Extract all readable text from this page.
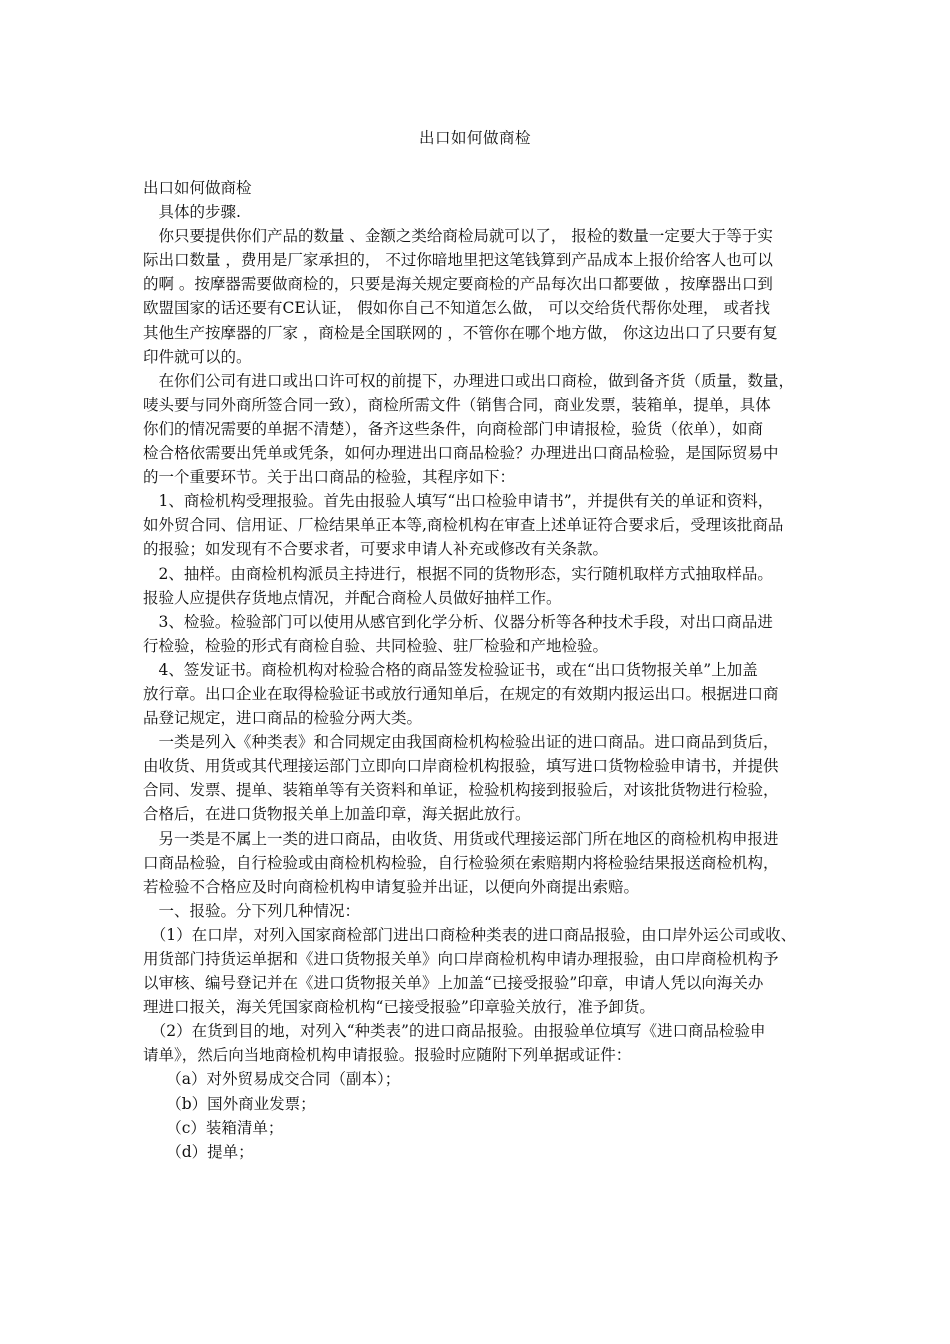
出口如何做商检
出口如何做商检
　具体的步骤.
　你只要提供你们产品的数量 、金额之类给商检局就可以了， 报检的数量一定要大于等于实
际出口数量 ，费用是厂家承担的， 不过你暗地里把这笔钱算到产品成本上报价给客人也可以
的啊 。按摩器需要做商检的，只要是海关规定要商检的产品每次出口都要做 ，按摩器出口到
欧盟国家的话还要有CE认证， 假如你自己不知道怎么做， 可以交给货代帮你处理， 或者找
其他生产按摩器的厂家 ，商检是全国联网的 ，不管你在哪个地方做， 你这边出口了只要有复
印件就可以的。
　在你们公司有进口或出口许可权的前提下，办理进口或出口商检，做到备齐货（质量，数量，
唛头要与同外商所签合同一致），商检所需文件（销售合同，商业发票，装箱单，提单，具体
你们的情况需要的单据不清楚），备齐这些条件，向商检部门申请报检，验货（依单），如商
检合格依需要出凭单或凭条，如何办理进出口商品检验？办理进出口商品检验，是国际贸易中
的一个重要环节。关于出口商品的检验，其程序如下：
　1、商检机构受理报验。首先由报验人填写“出口检验申请书”，并提供有关的单证和资料，
如外贸合同、信用证、厂检结果单正本等,商检机构在审查上述单证符合要求后，受理该批商品
的报验；如发现有不合要求者，可要求申请人补充或修改有关条款。
　2、抽样。由商检机构派员主持进行，根据不同的货物形态，实行随机取样方式抽取样品。
报验人应提供存货地点情况，并配合商检人员做好抽样工作。
　3、检验。检验部门可以使用从感官到化学分析、仪器分析等各种技术手段，对出口商品进
行检验，检验的形式有商检自验、共同检验、驻厂检验和产地检验。
　4、签发证书。商检机构对检验合格的商品签发检验证书，或在“出口货物报关单”上加盖
放行章。出口企业在取得检验证书或放行通知单后，在规定的有效期内报运出口。根据进口商
品登记规定，进口商品的检验分两大类。
　一类是列入《种类表》和合同规定由我国商检机构检验出证的进口商品。进口商品到货后，
由收货、用货或其代理接运部门立即向口岸商检机构报验，填写进口货物检验申请书，并提供
合同、发票、提单、装箱单等有关资料和单证，检验机构接到报验后，对该批货物进行检验，
合格后，在进口货物报关单上加盖印章，海关据此放行。
　另一类是不属上一类的进口商品，由收货、用货或代理接运部门所在地区的商检机构申报进
口商品检验，自行检验或由商检机构检验，自行检验须在索赔期内将检验结果报送商检机构，
若检验不合格应及时向商检机构申请复验并出证，以便向外商提出索赔。
　一、报验。分下列几种情况：
　（1）在口岸，对列入国家商检部门进出口商检种类表的进口商品报验，由口岸外运公司或收、
用货部门持货运单据和《进口货物报关单》向口岸商检机构申请办理报验，由口岸商检机构予
以审核、编号登记并在《进口货物报关单》上加盖“已接受报验”印章，申请人凭以向海关办
理进口报关，海关凭国家商检机构“已接受报验”印章验关放行，准予卸货。
　（2）在货到目的地，对列入“种类表”的进口商品报验。由报验单位填写《进口商品检验申
请单》，然后向当地商检机构申请报验。报验时应随附下列单据或证件：
　　（a）对外贸易成交合同（副本）；
　　（b）国外商业发票；
　　（c）装箱清单；
　　（d）提单；
